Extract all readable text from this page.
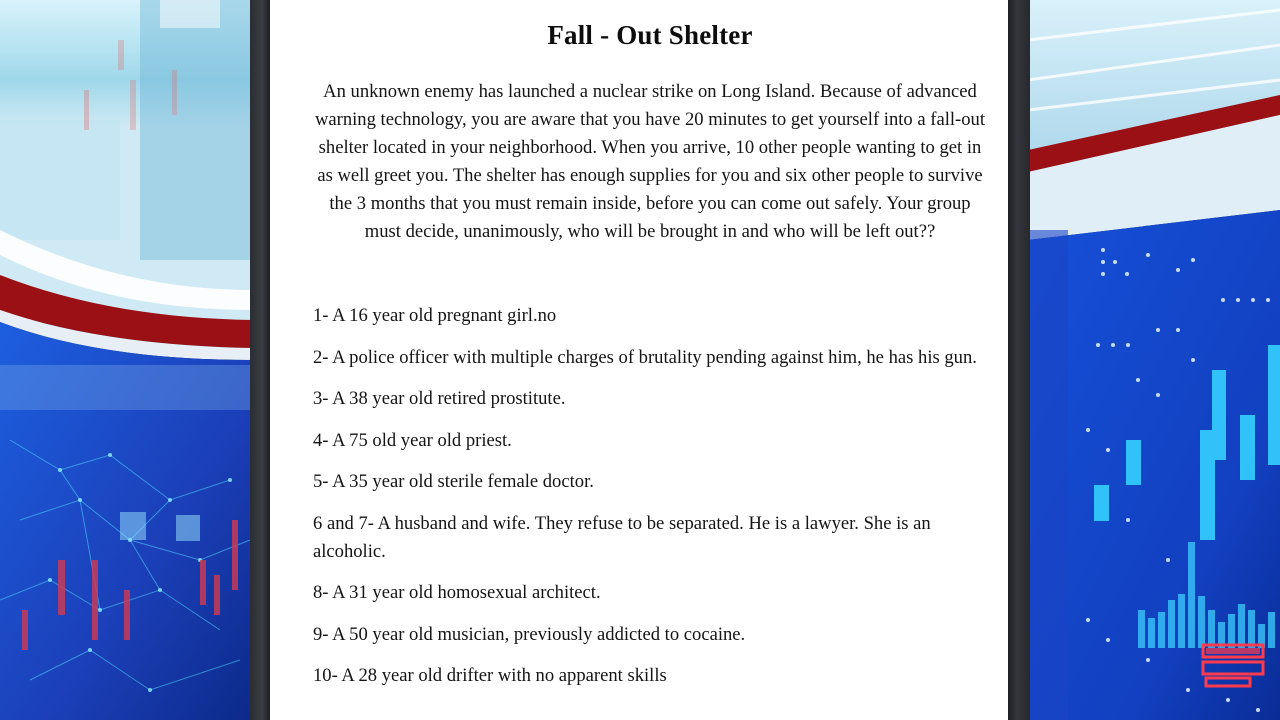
Fall - Out Shelter

An unknown enemy has launched a nuclear strike on Long Island. Because of advanced warning technology, you are aware that you have 20 minutes to get yourself into a fall-out shelter located in your neighborhood. When you arrive, 10 other people wanting to get in as well greet you. The shelter has enough supplies for you and six other people to survive the 3 months that you must remain inside, before you can come out safely. Your group must decide, unanimously, who will be brought in and who will be left out??

1- A 16 year old pregnant girl.no
2- A police officer with multiple charges of brutality pending against him, he has his gun.
3- A 38 year old retired prostitute.
4- A 75 old year old priest.
5- A 35 year old sterile female doctor.
6 and 7- A husband and wife. They refuse to be separated. He is a lawyer. She is an alcoholic.
8- A 31 year old homosexual architect.
9- A 50 year old musician, previously addicted to cocaine.
10- A 28 year old drifter with no apparent skills
